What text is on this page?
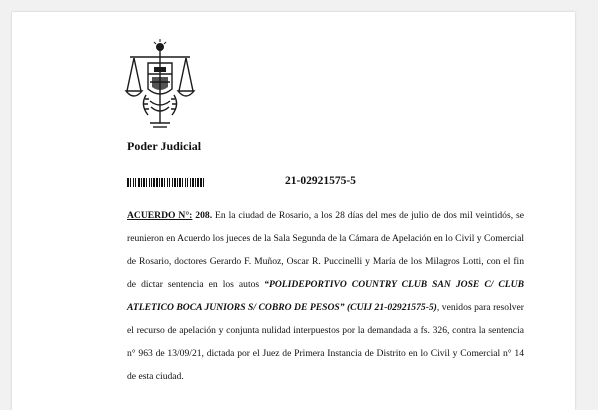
Poder Judicial
21-02921575-5

ACUERDO N°: 208. En la ciudad de Rosario, a los 28 días del mes de julio de dos mil veintidós, se reunieron en Acuerdo los jueces de la Sala Segunda de la Cámara de Apelación en lo Civil y Comercial de Rosario, doctores Gerardo F. Muñoz, Oscar R. Puccinelli y María de los Milagros Lotti, con el fin de dictar sentencia en los autos “POLIDEPORTIVO COUNTRY CLUB SAN JOSE C/ CLUB ATLETICO BOCA JUNIORS S/ COBRO DE PESOS” (CUIJ 21-02921575-5), venidos para resolver el recurso de apelación y conjunta nulidad interpuestos por la demandada a fs. 326, contra la sentencia n° 963 de 13/09/21, dictada por el Juez de Primera Instancia de Distrito en lo Civil y Comercial n° 14 de esta ciudad.
